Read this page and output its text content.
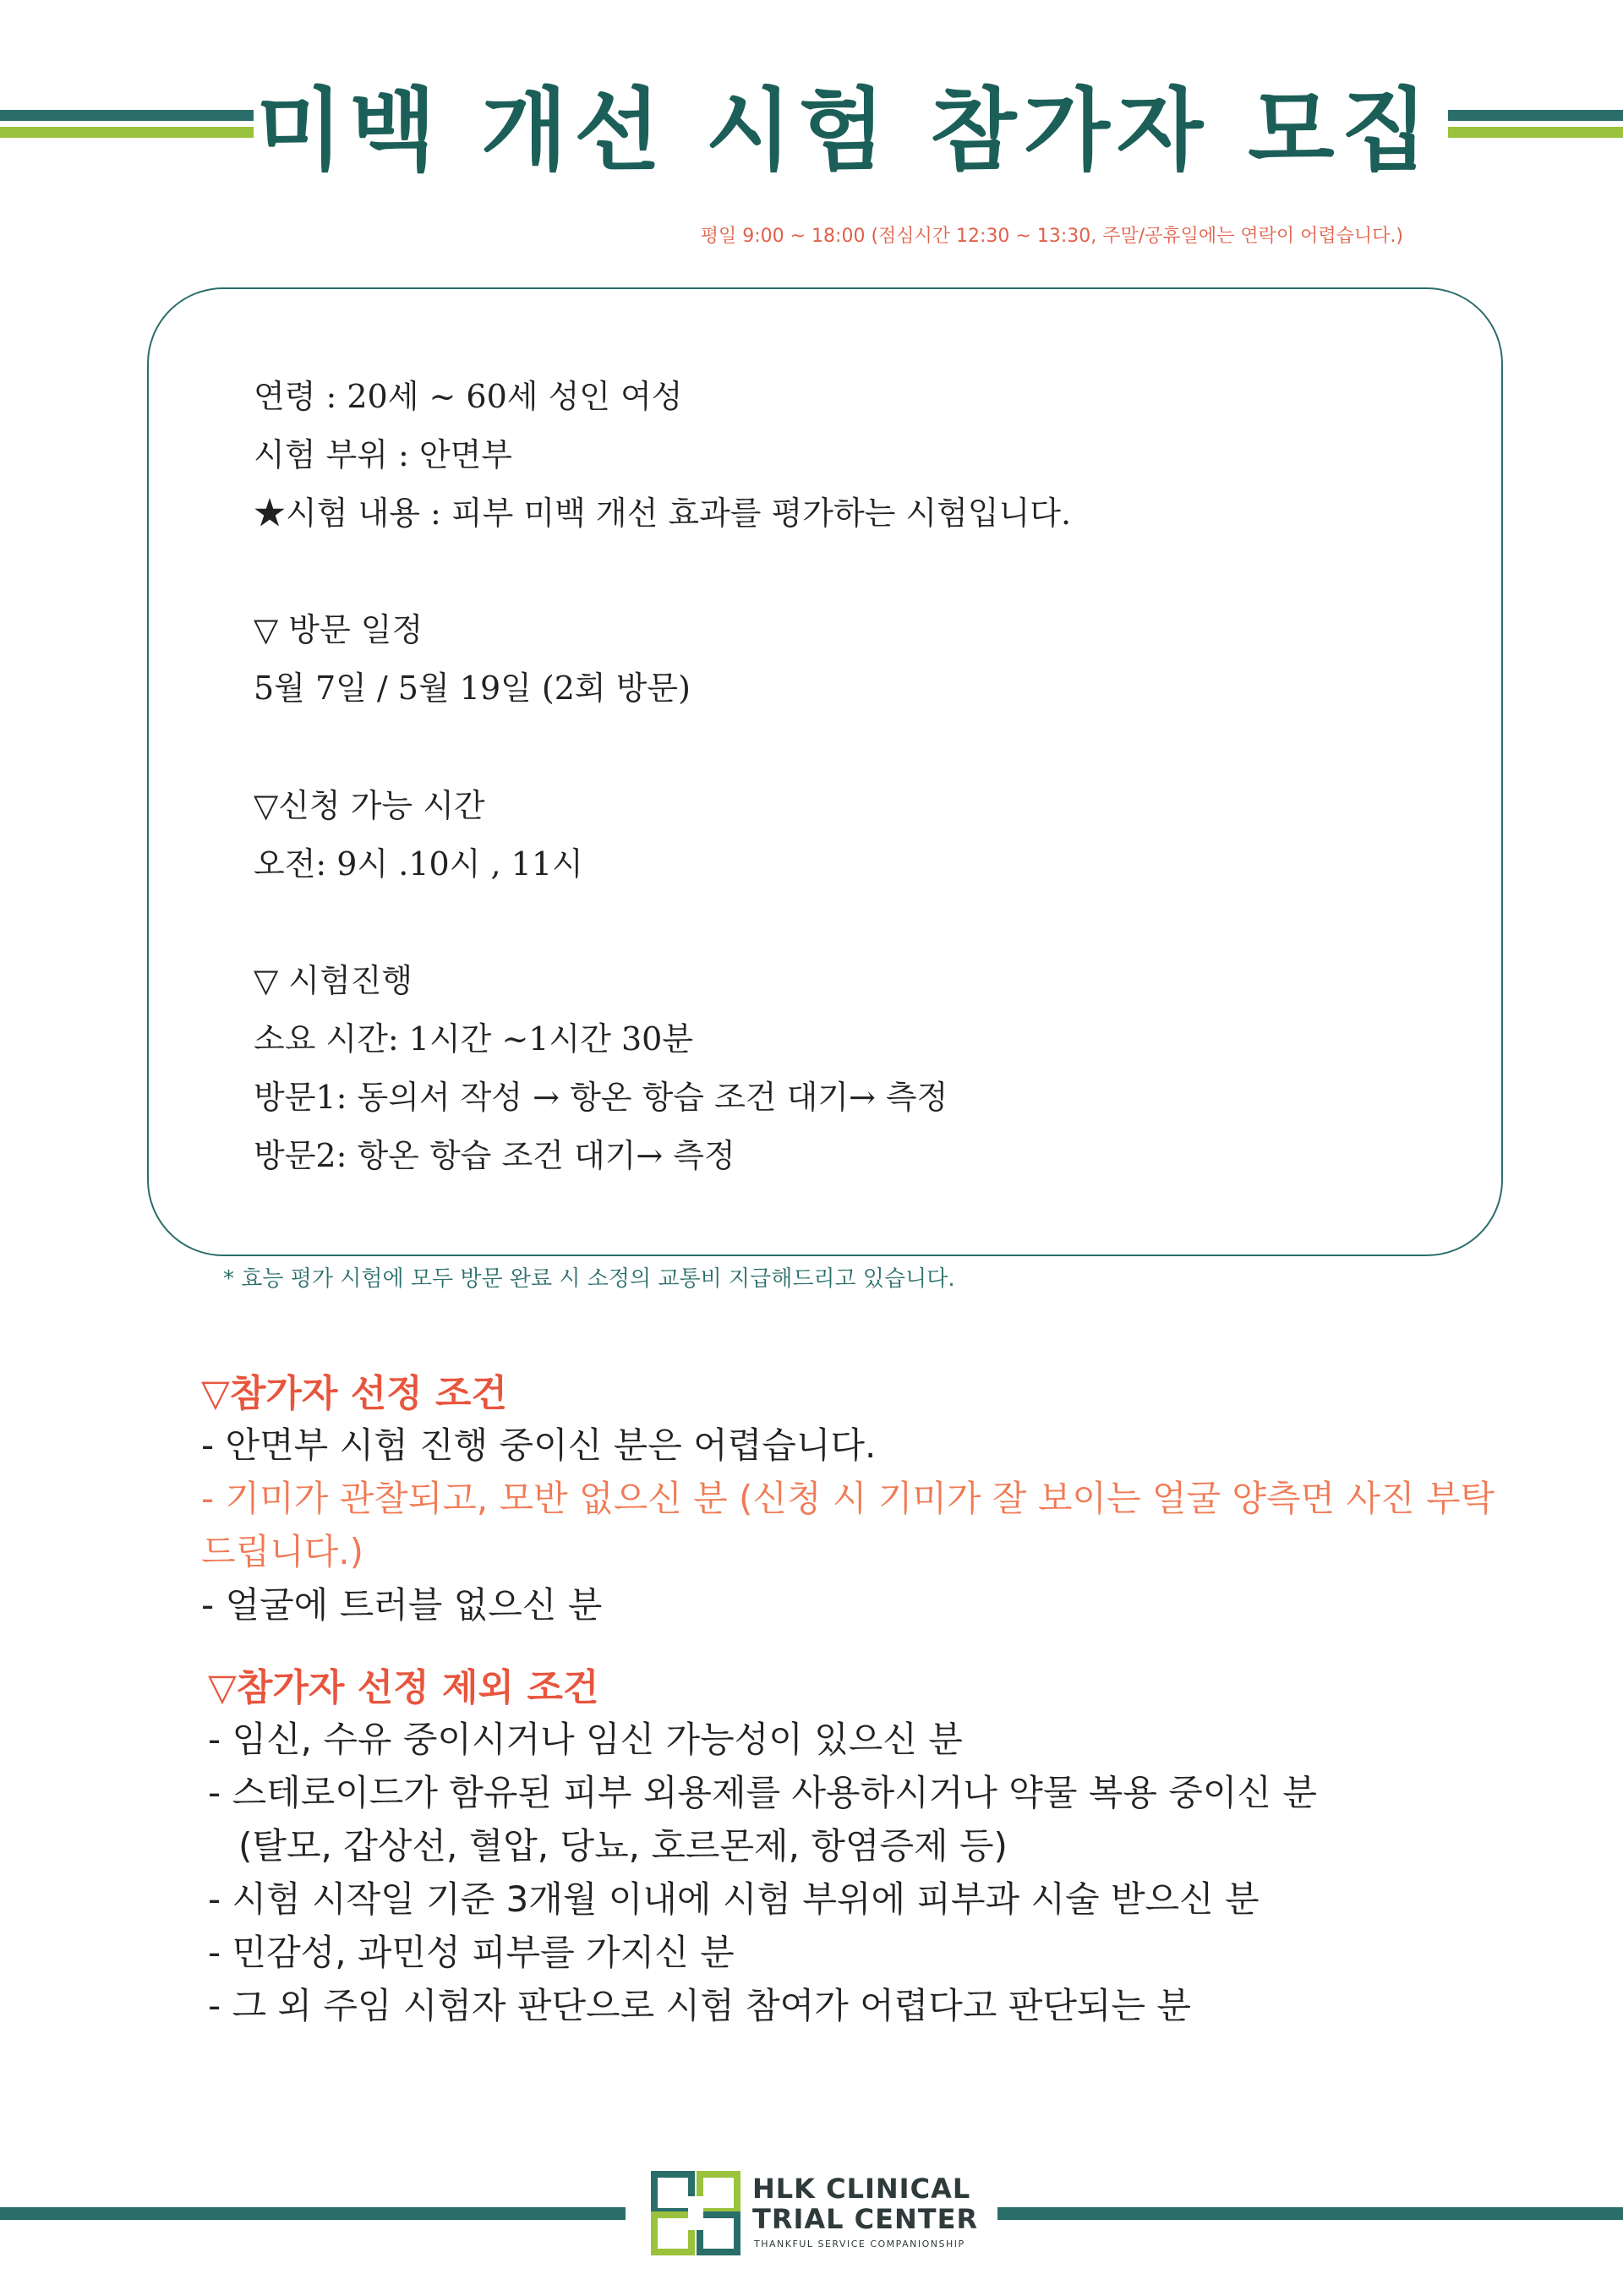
미백 개선 시험 참가자 모집
평일 9:00 ~ 18:00 (점심시간 12:30 ~ 13:30, 주말/공휴일에는 연락이 어렵습니다.)
연령 : 20세 ~ 60세 성인 여성
시험 부위 : 안면부
★시험 내용 : 피부 미백 개선 효과를 평가하는 시험입니다.
▽ 방문 일정
5월 7일 / 5월 19일 (2회 방문)
▽신청 가능 시간
오전: 9시 .10시 , 11시
▽ 시험진행
소요 시간: 1시간 ~1시간 30분
방문1: 동의서 작성 → 항온 항습 조건 대기→ 측정
방문2: 항온 항습 조건 대기→ 측정
* 효능 평가 시험에 모두 방문 완료 시 소정의 교통비 지급해드리고 있습니다.
▽참가자 선정 조건
- 안면부 시험 진행 중이신 분은 어렵습니다.
- 기미가 관찰되고, 모반 없으신 분 (신청 시 기미가 잘 보이는 얼굴 양측면 사진 부탁
드립니다.)
- 얼굴에 트러블 없으신 분
▽참가자 선정 제외 조건
- 임신, 수유 중이시거나 임신 가능성이 있으신 분
- 스테로이드가 함유된 피부 외용제를 사용하시거나 약물 복용 중이신 분
(탈모, 갑상선, 혈압, 당뇨, 호르몬제, 항염증제 등)
- 시험 시작일 기준 3개월 이내에 시험 부위에 피부과 시술 받으신 분
- 민감성, 과민성 피부를 가지신 분
- 그 외 주임 시험자 판단으로 시험 참여가 어렵다고 판단되는 분
HLK CLINICAL
TRIAL CENTER
THANKFUL SERVICE COMPANIONSHIP
